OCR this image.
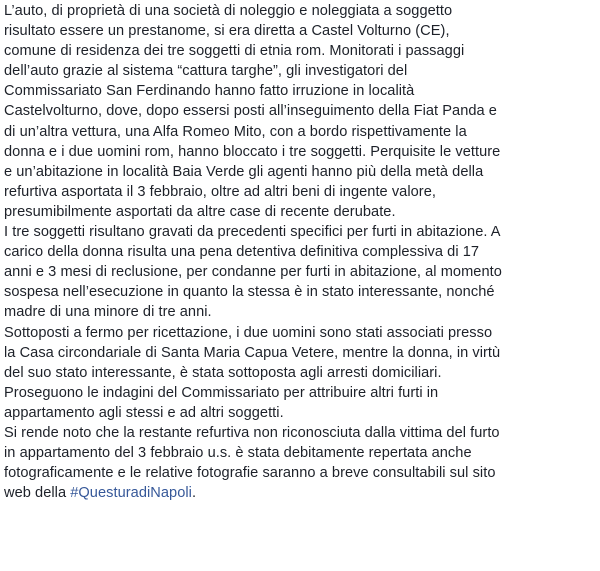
L’auto, di proprietà di una società di noleggio e noleggiata a soggetto
risultato essere un prestanome, si era diretta a Castel Volturno (CE),
comune di residenza dei tre soggetti di etnia rom. Monitorati i passaggi
dell’auto grazie al sistema “cattura targhe”, gli investigatori del
Commissariato San Ferdinando hanno fatto irruzione in località
Castelvolturno, dove, dopo essersi posti all’inseguimento della Fiat Panda e
di un’altra vettura, una Alfa Romeo Mito, con a bordo rispettivamente la
donna e i due uomini rom, hanno bloccato i tre soggetti. Perquisite le vetture
e un’abitazione in località Baia Verde gli agenti hanno più della metà della
refurtiva asportata il 3 febbraio, oltre ad altri beni di ingente valore,
presumibilmente asportati da altre case di recente derubate.
I tre soggetti risultano gravati da precedenti specifici per furti in abitazione. A
carico della donna risulta una pena detentiva definitiva complessiva di 17
anni e 3 mesi di reclusione, per condanne per furti in abitazione, al momento
sospesa nell’esecuzione in quanto la stessa è in stato interessante, nonché
madre di una minore di tre anni.
Sottoposti a fermo per ricettazione, i due uomini sono stati associati presso
la Casa circondariale di Santa Maria Capua Vetere, mentre la donna, in virtù
del suo stato interessante, è stata sottoposta agli arresti domiciliari.
Proseguono le indagini del Commissariato per attribuire altri furti in
appartamento agli stessi e ad altri soggetti.
Si rende noto che la restante refurtiva non riconosciuta dalla vittima del furto
in appartamento del 3 febbraio u.s. è stata debitamente repertata anche
fotograficamente e le relative fotografie saranno a breve consultabili sul sito
web della #QuesturadiNapoli.
